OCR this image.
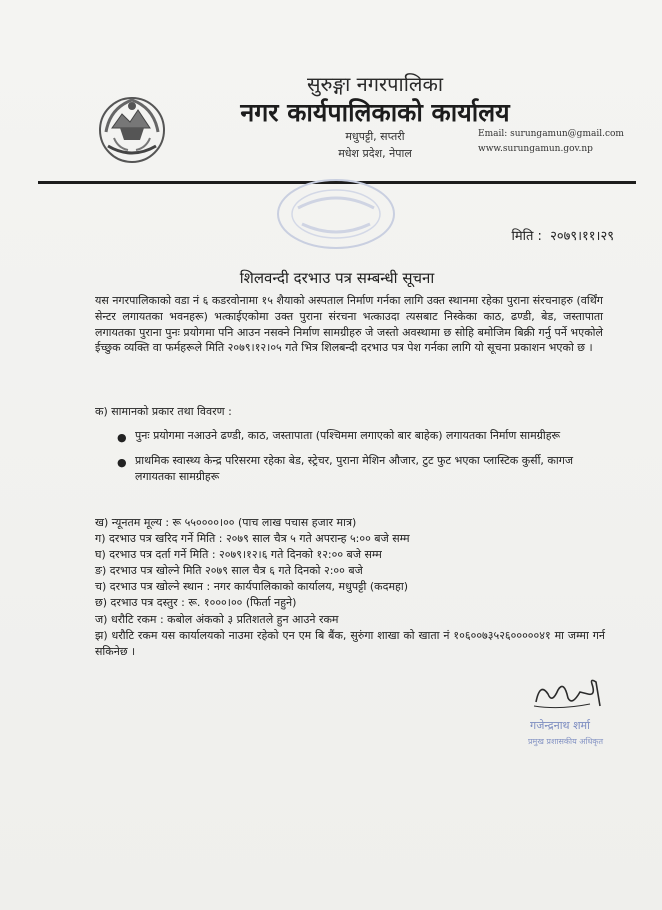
सुरुङ्गा नगरपालिका
नगर कार्यपालिकाको कार्यालय
मधुपट्टी, सप्तरी
मधेश प्रदेश, नेपाल
Email: surungamun@gmail.com
www.surungamun.gov.np
मिति : २०७९।११।२९
शिलवन्दी दरभाउ पत्र सम्बन्धी सूचना
यस नगरपालिकाको वडा नं ६ कडरवोनामा १५ शैयाको अस्पताल निर्माण गर्नका लागि उक्त स्थानमा रहेका पुराना संरचनाहरु (वर्थिंग सेन्टर लगायतका भवनहरू) भत्काईएकोमा उक्त पुराना संरचना भत्काउदा त्यसबाट निस्केका काठ, ढण्डी, बेड, जस्तापाता लगायतका पुराना पुनः प्रयोगमा पनि आउन नसक्ने निर्माण सामग्रीहरु जे जस्तो अवस्थामा छ सोहि बमोजिम बिक्री गर्नु पर्ने भएकोले ईच्छुक व्यक्ति वा फर्महरूले मिति २०७९।१२।०५ गते भित्र शिलबन्दी दरभाउ पत्र पेश गर्नका लागि यो सूचना प्रकाशन भएको छ ।
क) सामानको प्रकार तथा विवरण :
● पुनः प्रयोगमा नआउने ढण्डी, काठ, जस्तापाता (पश्चिममा लगाएको बार बाहेक) लगायतका निर्माण सामग्रीहरू
● प्राथमिक स्वास्थ्य केन्द्र परिसरमा रहेका बेड, स्ट्रेचर, पुराना मेशिन औजार, टुट फुट भएका प्लास्टिक कुर्सी, कागज लगायतका सामग्रीहरू
ख) न्यूनतम मूल्य : रू ५५००००।०० (पाच लाख पचास हजार मात्र)
ग) दरभाउ पत्र खरिद गर्ने मिति : २०७९ साल चैत्र ५ गते अपरान्ह ५:०० बजे सम्म
घ) दरभाउ पत्र दर्ता गर्ने मिति : २०७९।१२।६ गते दिनको १२:०० बजे सम्म
ङ) दरभाउ पत्र खोल्ने मिति २०७९ साल चैत्र ६ गते दिनको २:०० बजे
च) दरभाउ पत्र खोल्ने स्थान : नगर कार्यपालिकाको कार्यालय, मधुपट्टी (कदमहा)
छ) दरभाउ पत्र दस्तुर : रू. १०००।०० (फिर्ता नहुने)
ज) धरौटि रकम : कबोल अंकको ३ प्रतिशतले हुन आउने रकम
झ) धरौटि रकम यस कार्यालयको नाउमा रहेको एन एम बि बैंक, सुरुंगा शाखा को खाता नं १०६००७३५२६०००००४१ मा जम्मा गर्न सकिनेछ ।
गजेन्द्रनाथ शर्मा
प्रमुख प्रशासकीय अधिकृत
